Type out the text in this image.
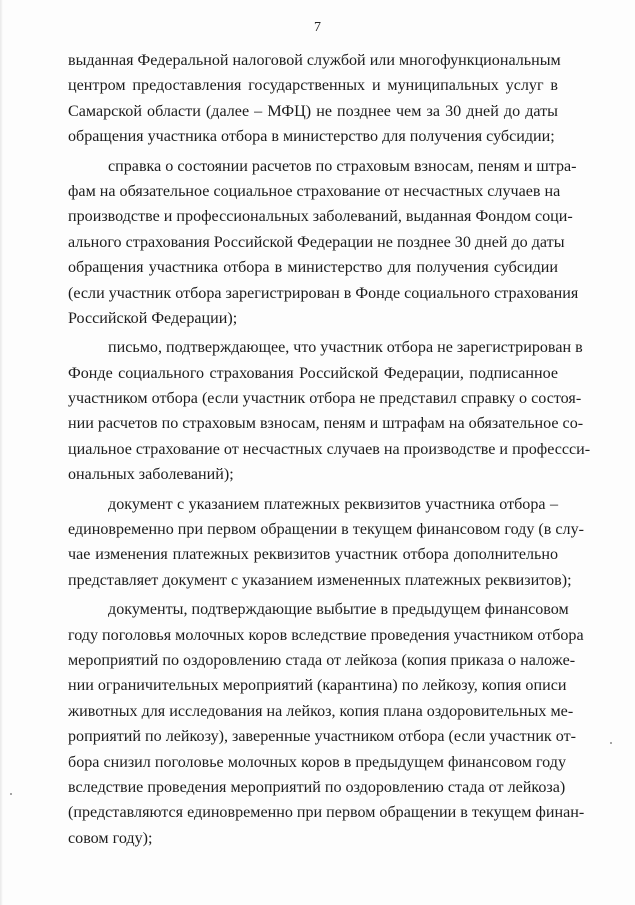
7
выданная Федеральной налоговой службой или многофункциональным
центром предоставления государственных и муниципальных услуг в
Самарской области (далее – МФЦ) не позднее чем за 30 дней до даты
обращения участника отбора в министерство для получения субсидии;
справка о состоянии расчетов по страховым взносам, пеням и штра-
фам на обязательное социальное страхование от несчастных случаев на
производстве и профессиональных заболеваний, выданная Фондом соци-
ального страхования Российской Федерации не позднее 30 дней до даты
обращения участника отбора в министерство для получения субсидии
(если участник отбора зарегистрирован в Фонде социального страхования
Российской Федерации);
письмо, подтверждающее, что участник отбора не зарегистрирован в
Фонде социального страхования Российской Федерации, подписанное
участником отбора (если участник отбора не представил справку о состоя-
нии расчетов по страховым взносам, пеням и штрафам на обязательное со-
циальное страхование от несчастных случаев на производстве и профессси-
ональных заболеваний);
документ с указанием платежных реквизитов участника отбора –
единовременно при первом обращении в текущем финансовом году (в слу-
чае изменения платежных реквизитов участник отбора дополнительно
представляет документ с указанием измененных платежных реквизитов);
документы, подтверждающие выбытие в предыдущем финансовом
году поголовья молочных коров вследствие проведения участником отбора
мероприятий по оздоровлению стада от лейкоза (копия приказа о наложе-
нии ограничительных мероприятий (карантина) по лейкозу, копия описи
животных для исследования на лейкоз, копия плана оздоровительных ме-
роприятий по лейкозу), заверенные участником отбора (если участник от-
бора снизил поголовье молочных коров в предыдущем финансовом году
вследствие проведения мероприятий по оздоровлению стада от лейкоза)
(представляются единовременно при первом обращении в текущем финан-
совом году);
